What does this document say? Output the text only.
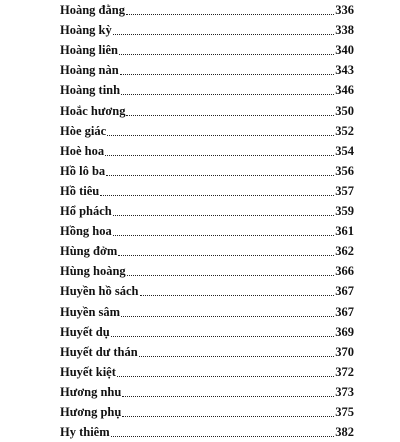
Hoàng đằng	336
Hoàng kỳ	338
Hoàng liên	340
Hoàng nàn	343
Hoàng tinh	346
Hoắc hương	350
Hòe giác	352
Hoè hoa	354
Hồ lô ba	356
Hồ tiêu	357
Hổ phách	359
Hồng hoa	361
Hùng đởm	362
Hùng hoàng	366
Huyền hồ sách	367
Huyền sâm	367
Huyết dụ	369
Huyết dư thán	370
Huyết kiệt	372
Hương nhu	373
Hương phụ	375
Hy thiêm	382
